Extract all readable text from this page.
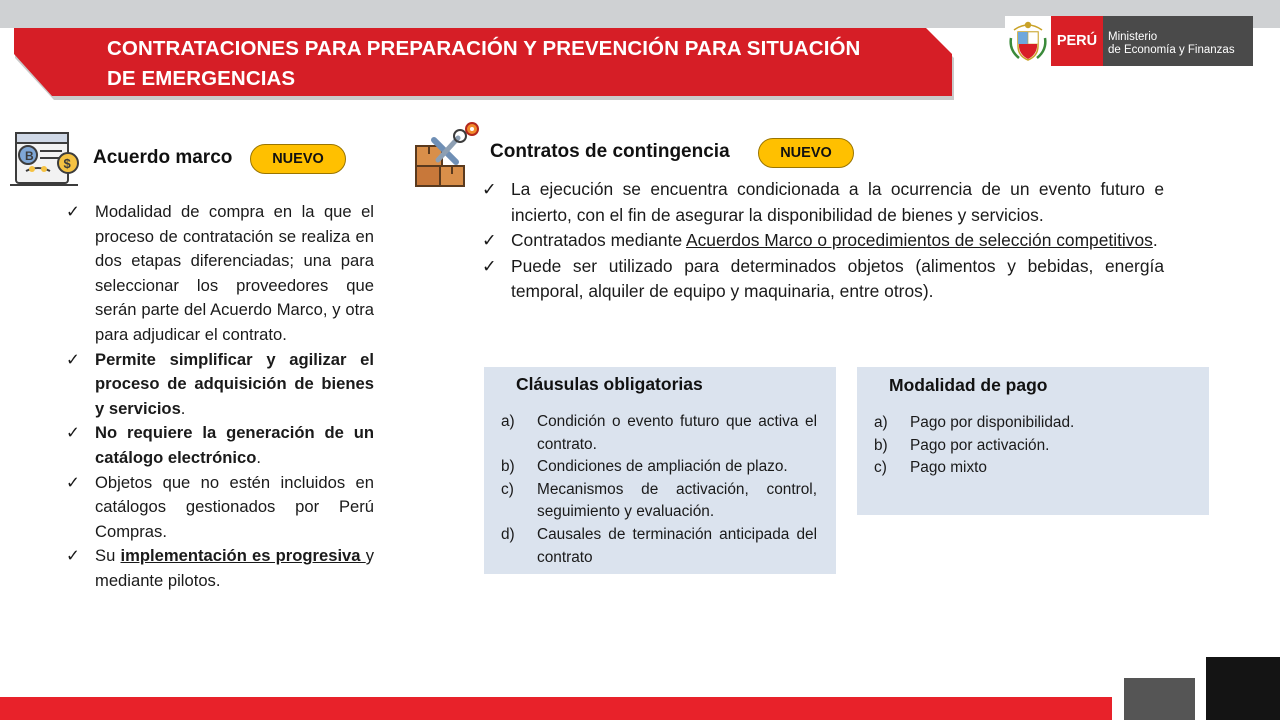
CONTRATACIONES PARA PREPARACIÓN Y PREVENCIÓN PARA SITUACIÓN
DE EMERGENCIAS
PERÚ Ministerio
de Economía y Finanzas
B $ Acuerdo marco	NUEVO
✓ Modalidad de compra en la que el proceso de contratación se realiza en dos etapas diferenciadas; una para seleccionar los proveedores que serán parte del Acuerdo Marco, y otra para adjudicar el contrato.
✓ Permite simplificar y agilizar el proceso de adquisición de bienes y servicios.
✓ No requiere la generación de un catálogo electrónico.
✓ Objetos que no estén incluidos en catálogos gestionados por Perú Compras.
✓ Su implementación es progresiva y mediante pilotos.
Contratos de contingencia	NUEVO
✓ La ejecución se encuentra condicionada a la ocurrencia de un evento futuro e incierto, con el fin de asegurar la disponibilidad de bienes y servicios.
✓ Contratados mediante Acuerdos Marco o procedimientos de selección competitivos.
✓ Puede ser utilizado para determinados objetos (alimentos y bebidas, energía temporal, alquiler de equipo y maquinaria, entre otros).
Cláusulas obligatorias
a)	Condición o evento futuro que activa el contrato.
b)	Condiciones de ampliación de plazo.
c)	Mecanismos de activación, control, seguimiento y evaluación.
d)	Causales de terminación anticipada del contrato
Modalidad de pago
a)	Pago por disponibilidad.
b)	Pago por activación.
c)	Pago mixto
